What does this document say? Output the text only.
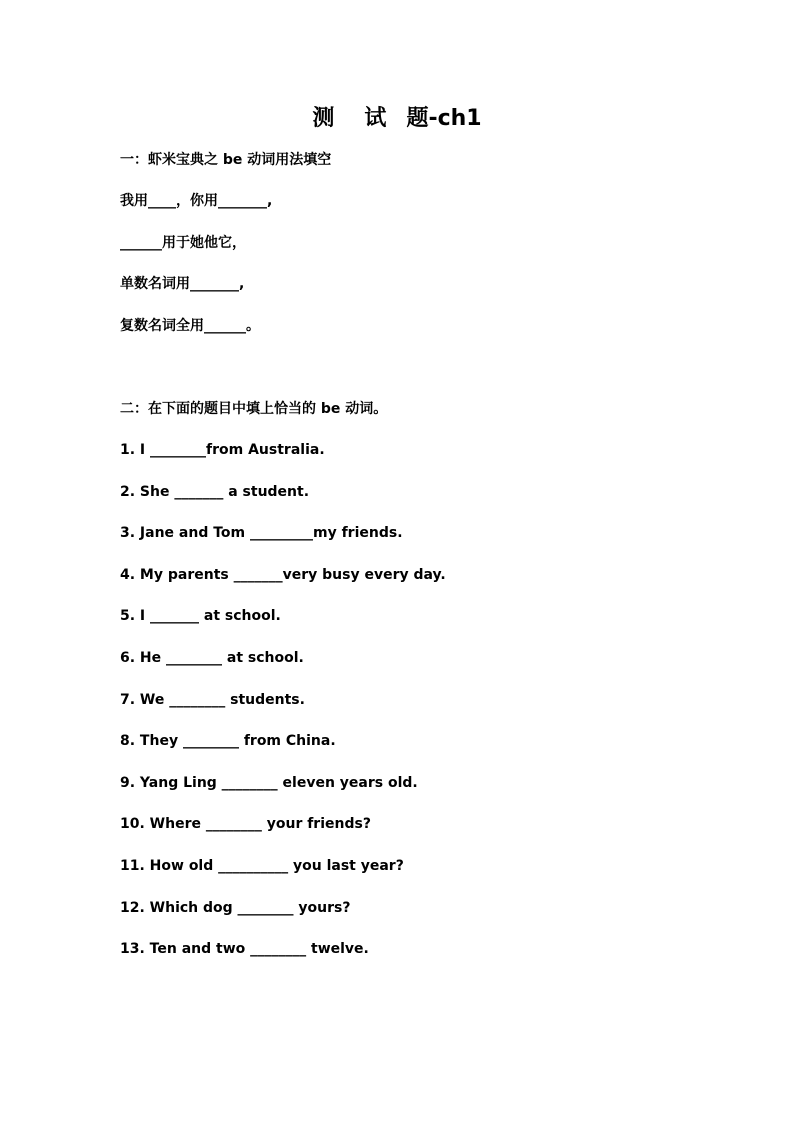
测 试 题-ch1
一：虾米宝典之 be 动词用法填空
我用____，你用_______,
______用于她他它，
单数名词用_______,
复数名词全用______。
二：在下面的题目中填上恰当的 be 动词。
1. I ________from Australia.
2. She _______ a student.
3. Jane and Tom _________my friends.
4. My parents _______very busy every day.
5. I _______ at school.
6. He ________ at school.
7. We ________ students.
8. They ________ from China.
9. Yang Ling ________ eleven years old.
10. Where ________ your friends?
11. How old __________ you last year?
12. Which dog ________ yours?
13. Ten and two ________ twelve.
